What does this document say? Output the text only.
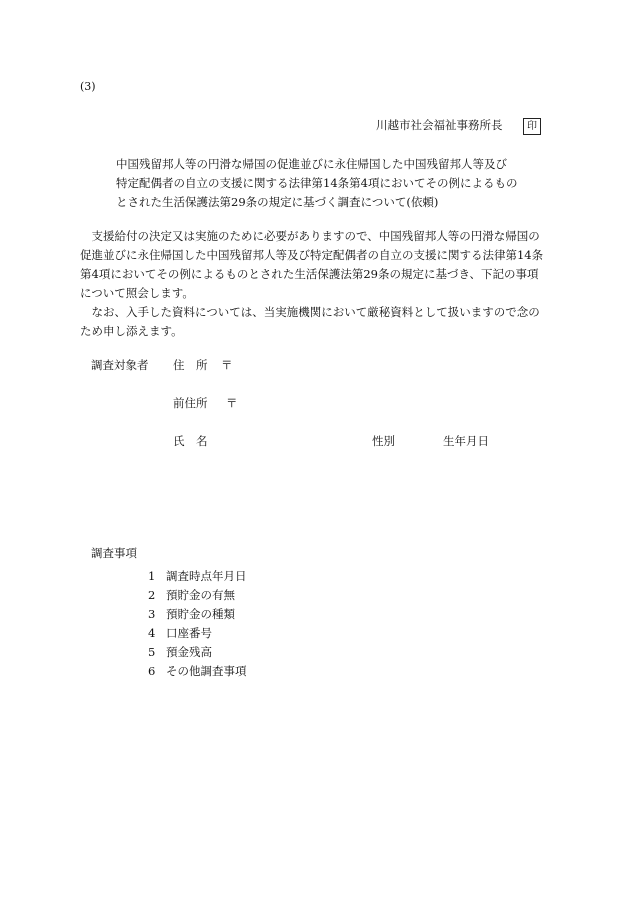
(3)
川越市社会福祉事務所長	印
中国残留邦人等の円滑な帰国の促進並びに永住帰国した中国残留邦人等及び
特定配偶者の自立の支援に関する法律第14条第4項においてその例によるもの
とされた生活保護法第29条の規定に基づく調査について(依頼)
　支援給付の決定又は実施のために必要がありますので、中国残留邦人等の円滑な帰国の
促進並びに永住帰国した中国残留邦人等及び特定配偶者の自立の支援に関する法律第14条
第4項においてその例によるものとされた生活保護法第29条の規定に基づき、下記の事項
について照会します。
　なお、入手した資料については、当実施機関において厳秘資料として扱いますので念の
ため申し添えます。
調査対象者 住　所 〒
前住所 〒
氏　名	性別	生年月日
調査事項
1 調査時点年月日
2 預貯金の有無
3 預貯金の種類
4 口座番号
5 預金残高
6 その他調査事項
